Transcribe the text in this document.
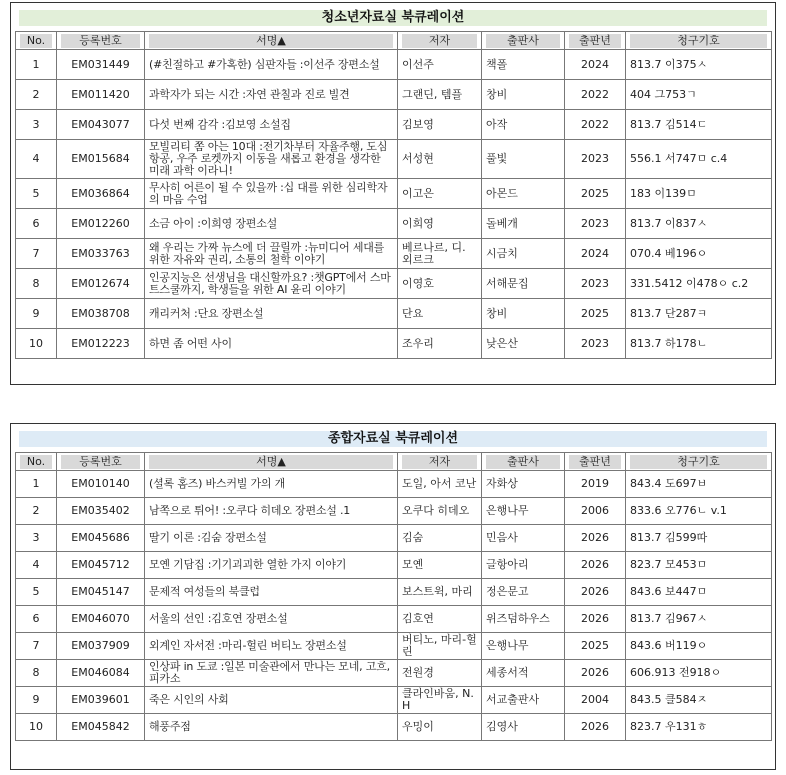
청소년자료실 북큐레이션
No.	등록번호	서명▲	저자	출판사	출판년	청구기호

1	EM031449	(#친절하고 #가혹한) 심판자들 :이선주 장편소설	이선주	책폴	2024	813.7 이375ㅅ
2	EM011420	과학자가 되는 시간 :자연 관칠과 진로 빌견	그랜딘, 템플	창비	2022	404 그753ㄱ
3	EM043077	다섯 번째 감각 :김보영 소설집	김보영	아작	2022	813.7 김514ㄷ
4	EM015684	모빌리티 쫌 아는 10대 :전기차부터 자율주행, 도심항공, 우주 로켓까지 이동을 새롭고 환경을 생각한 미래 과학 이라니!	서성현	풀빛	2023	556.1 서747ㅁ c.4
5	EM036864	무사히 어른이 될 수 있을까 :십 대를 위한 심리학자의 마음 수업	이고은	아몬드	2025	183 이139ㅁ
6	EM012260	소금 아이 :이희영 장편소설	이희영	돌베개	2023	813.7 이837ㅅ
7	EM033763	왜 우리는 가짜 뉴스에 더 끌릴까 :뉴미디어 세대를 위한 자유와 권리, 소통의 철학 이야기	베르나르, 디. 외르크	시금치	2024	070.4 베196ㅇ
8	EM012674	인공지능은 선생님을 대신할까요? :챗GPT에서 스마트스쿨까지, 학생들을 위한 AI 윤리 이야기	이영호	서해문집	2023	331.5412 이478ㅇ c.2
9	EM038708	캐리커처 :단요 장편소설	단요	창비	2025	813.7 단287ㅋ
10	EM012223	하면 좀 어떤 사이	조우리	낮은산	2023	813.7 하178ㄴ
종합자료실 북큐레이션
No.	등록번호	서명▲	저자	출판사	출판년	청구기호

1	EM010140	(셜록 홈즈) 바스커빌 가의 개	도일, 아서 코난	자화상	2019	843.4 도697ㅂ
2	EM035402	남쪽으로 튀어! :오쿠다 히데오 장편소설 .1	오쿠다 히데오	은행나무	2006	833.6 오776ㄴ v.1
3	EM045686	딸기 이론 :김숨 장편소설	김숨	민음사	2026	813.7 김599따
4	EM045712	모옌 기담집 :기기괴괴한 열한 가지 이야기	모옌	글항아리	2026	823.7 모453ㅁ
5	EM045147	문제적 여성들의 북클럽	보스트윅, 마리	정은문고	2026	843.6 보447ㅁ
6	EM046070	서울의 선인 :김호연 장편소설	김호연	위즈덤하우스	2026	813.7 김967ㅅ
7	EM037909	외계인 자서전 :마리-헐린 버티노 장편소설	버티노, 마리-헐린	은행나무	2025	843.6 버119ㅇ
8	EM046084	인상파 in 도쿄 :일본 미술관에서 만나는 모네, 고흐, 피카소	전원경	세종서적	2026	606.913 전918ㅇ
9	EM039601	죽은 시인의 사회	클라인바움, N. H	서교출판사	2004	843.5 클584ㅈ
10	EM045842	해풍주점	우밍이	김영사	2026	823.7 우131ㅎ
